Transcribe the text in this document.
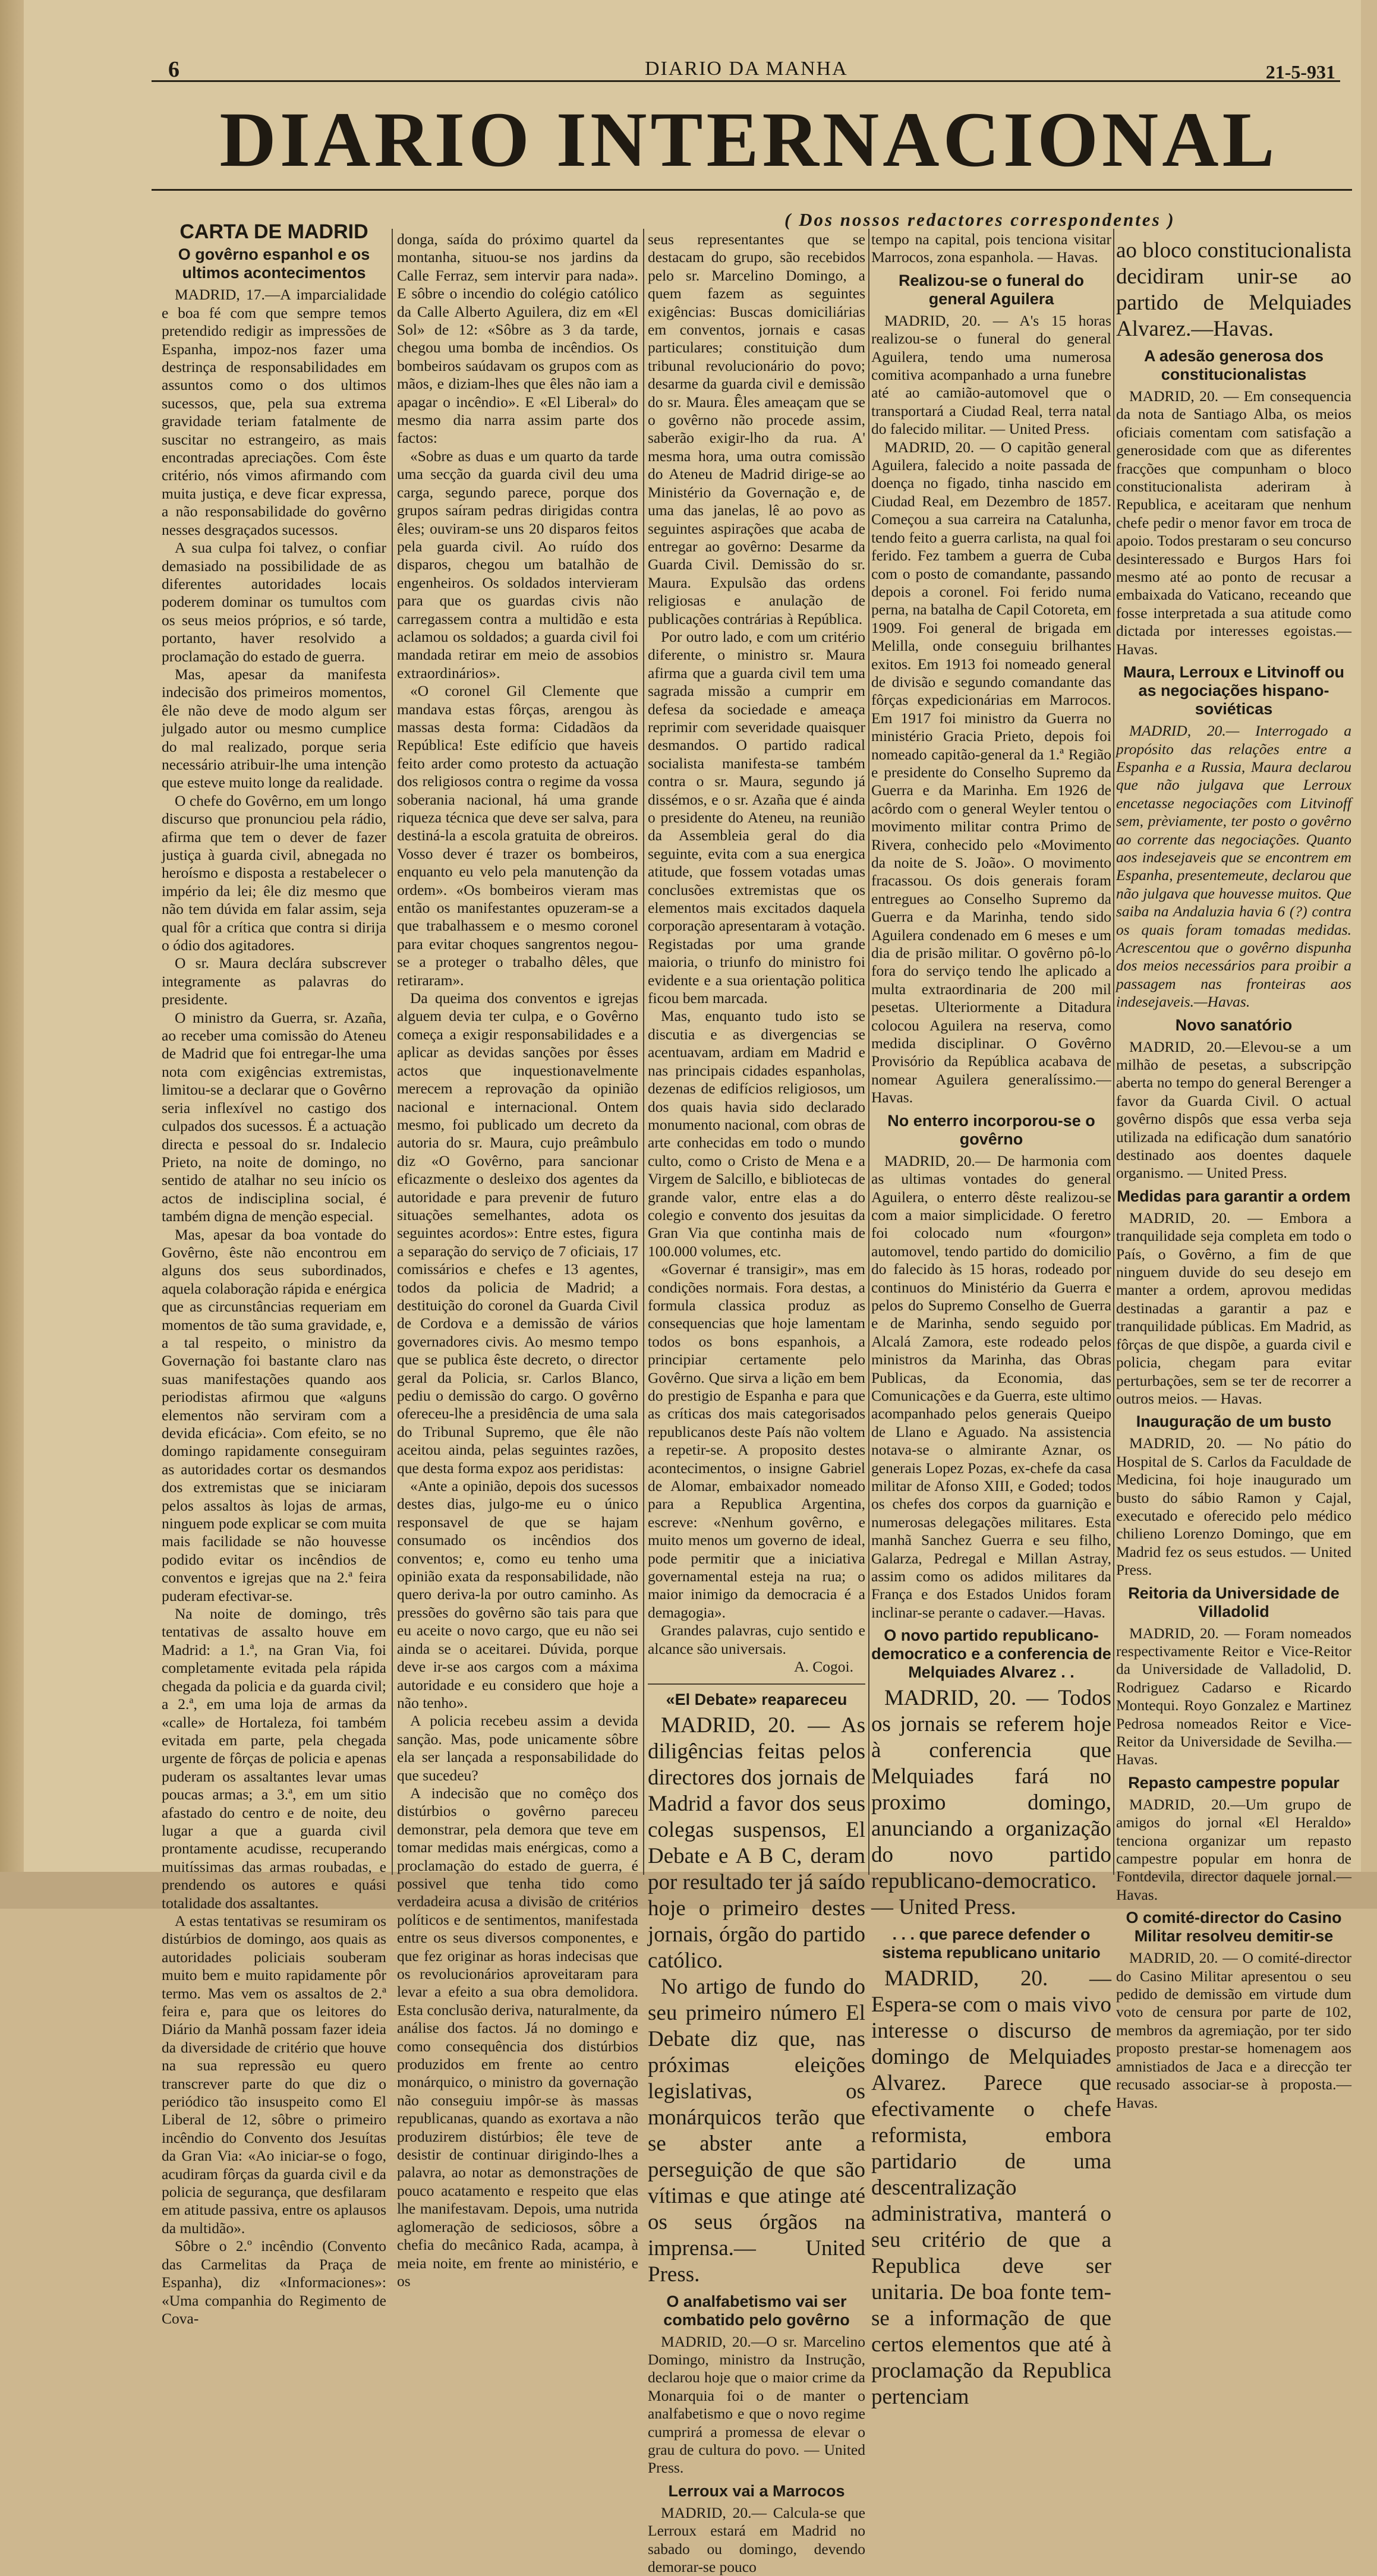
6	DIARIO DA MANHA	21-5-931
DIARIO INTERNACIONAL
( Dos nossos redactores correspondentes )
CARTA DE MADRID
O govêrno espanhol e os ultimos acontecimentos

MADRID, 17.—A imparcialidade e boa fé com que sempre temos pretendido redigir as impressões de Espanha, impoz-nos fazer uma destrinça de responsabilidades em assuntos como o dos ultimos sucessos, que, pela sua extrema gravidade teriam fatalmente de suscitar no estrangeiro, as mais encontradas apreciações. Com êste critério, nós vimos afirmando com muita justiça, e deve ficar expressa, a não responsabilidade do govêrno nesses desgraçados sucessos.

A sua culpa foi talvez, o confiar demasiado na possibilidade de as diferentes autoridades locais poderem dominar os tumultos com os seus meios próprios, e só tarde, portanto, haver resolvido a proclamação do estado de guerra.

Mas, apesar da manifesta indecisão dos primeiros momentos, êle não deve de modo algum ser julgado autor ou mesmo cumplice do mal realizado, porque seria necessário atribuir-lhe uma intenção que esteve muito longe da realidade.

O chefe do Govêrno, em um longo discurso que pronunciou pela rádio, afirma que tem o dever de fazer justiça à guarda civil, abnegada no heroísmo e disposta a restabelecer o império da lei; êle diz mesmo que não tem dúvida em falar assim, seja qual fôr a crítica que contra si dirija o ódio dos agitadores.

O sr. Maura declára subscrever integramente as palavras do presidente.

O ministro da Guerra, sr. Azaña, ao receber uma comissão do Ateneu de Madrid que foi entregar-lhe uma nota com exigências extremistas, limitou-se a declarar que o Govêrno seria inflexível no castigo dos culpados dos sucessos. É a actuação directa e pessoal do sr. Indalecio Prieto, na noite de domingo, no sentido de atalhar no seu início os actos de indisciplina social, é também digna de menção especial.

Mas, apesar da boa vontade do Govêrno, êste não encontrou em alguns dos seus subordinados, aquela colaboração rápida e enérgica que as circunstâncias requeriam em momentos de tão suma gravidade, e, a tal respeito, o ministro da Governação foi bastante claro nas suas manifestações quando aos periodistas afirmou que «alguns elementos não serviram com a devida eficácia». Com efeito, se no domingo rapidamente conseguiram as autoridades cortar os desmandos dos extremistas que se iniciaram pelos assaltos às lojas de armas, ninguem pode explicar se com muita mais facilidade se não houvesse podido evitar os incêndios de conventos e igrejas que na 2.ª feira puderam efectivar-se.

Na noite de domingo, três tentativas de assalto houve em Madrid: a 1.ª, na Gran Via, foi completamente evitada pela rápida chegada da policia e da guarda civil; a 2.ª, em uma loja de armas da «calle» de Hortaleza, foi também evitada em parte, pela chegada urgente de fôrças de policia e apenas puderam os assaltantes levar umas poucas armas; a 3.ª, em um sitio afastado do centro e de noite, deu lugar a que a guarda civil prontamente acudisse, recuperando muitíssimas das armas roubadas, e prendendo os autores e quási totalidade dos assaltantes.

A estas tentativas se resumiram os distúrbios de domingo, aos quais as autoridades policiais souberam muito bem e muito rapidamente pôr termo. Mas vem os assaltos de 2.ª feira e, para que os leitores do Diário da Manhã possam fazer ideia da diversidade de critério que houve na sua repressão eu quero transcrever parte do que diz o periódico tão insuspeito como El Liberal de 12, sôbre o primeiro incêndio do Convento dos Jesuítas da Gran Via: «Ao iniciar-se o fogo, acudiram fôrças da guarda civil e da policia de segurança, que desfilaram em atitude passiva, entre os aplausos da multidão».

Sôbre o 2.º incêndio (Convento das Carmelitas da Praça de Espanha), diz «Informaciones»: «Uma companhia do Regimento de Cova-

donga, saída do próximo quartel da montanha, situou-se nos jardins da Calle Ferraz, sem intervir para nada». E sôbre o incendio do colégio católico da Calle Alberto Aguilera, diz em «El Sol» de 12: «Sôbre as 3 da tarde, chegou uma bomba de incêndios. Os bombeiros saúdavam os grupos com as mãos, e diziam-lhes que êles não iam a apagar o incêndio». E «El Liberal» do mesmo dia narra assim parte dos factos:

«Sobre as duas e um quarto da tarde uma secção da guarda civil deu uma carga, segundo parece, porque dos grupos saíram pedras dirigidas contra êles; ouviram-se uns 20 disparos feitos pela guarda civil. Ao ruído dos disparos, chegou um batalhão de engenheiros. Os soldados intervieram para que os guardas civis não carregassem contra a multidão e esta aclamou os soldados; a guarda civil foi mandada retirar em meio de assobios extraordinários».

«O coronel Gil Clemente que mandava estas fôrças, arengou às massas desta forma: Cidadãos da República! Este edifício que haveis feito arder como protesto da actuação dos religiosos contra o regime da vossa soberania nacional, há uma grande riqueza técnica que deve ser salva, para destiná-la a escola gratuita de obreiros. Vosso dever é trazer os bombeiros, enquanto eu velo pela manutenção da ordem». «Os bombeiros vieram mas então os manifestantes opuzeram-se a que trabalhassem e o mesmo coronel para evitar choques sangrentos negou-se a proteger o trabalho dêles, que retiraram».

Da queima dos conventos e igrejas alguem devia ter culpa, e o Govêrno começa a exigir responsabilidades e a aplicar as devidas sanções por êsses actos que inquestionavelmente merecem a reprovação da opinião nacional e internacional. Ontem mesmo, foi publicado um decreto da autoria do sr. Maura, cujo preâmbulo diz «O Govêrno, para sancionar eficazmente o desleixo dos agentes da autoridade e para prevenir de futuro situações semelhantes, adota os seguintes acordos»: Entre estes, figura a separação do serviço de 7 oficiais, 17 comissários e chefes e 13 agentes, todos da policia de Madrid; a destituição do coronel da Guarda Civil de Cordova e a demissão de vários governadores civis. Ao mesmo tempo que se publica êste decreto, o director geral da Policia, sr. Carlos Blanco, pediu o demissão do cargo. O govêrno ofereceu-lhe a presidência de uma sala do Tribunal Supremo, que êle não aceitou ainda, pelas seguintes razões, que desta forma expoz aos peridistas:

«Ante a opinião, depois dos sucessos destes dias, julgo-me eu o único responsavel de que se hajam consumado os incêndios dos conventos; e, como eu tenho uma opinião exata da responsabilidade, não quero deriva-la por outro caminho. As pressões do govêrno são tais para que eu aceite o novo cargo, que eu não sei ainda se o aceitarei. Dúvida, porque deve ir-se aos cargos com a máxima autoridade e eu considero que hoje a não tenho».

A policia recebeu assim a devida sanção. Mas, pode unicamente sôbre ela ser lançada a responsabilidade do que sucedeu?

A indecisão que no comêço dos distúrbios o govêrno pareceu demonstrar, pela demora que teve em tomar medidas mais enérgicas, como a proclamação do estado de guerra, é possivel que tenha tido como verdadeira acusa a divisão de critérios políticos e de sentimentos, manifestada entre os seus diversos componentes, e que fez originar as horas indecisas que os revolucionários aproveitaram para levar a efeito a sua obra demolidora. Esta conclusão deriva, naturalmente, da análise dos factos. Já no domingo e como consequência dos distúrbios produzidos em frente ao centro monárquico, o ministro da governação não conseguiu impôr-se às massas republicanas, quando as exortava a não produzirem distúrbios; êle teve de desistir de continuar dirigindo-lhes a palavra, ao notar as demonstrações de pouco acatamento e respeito que elas lhe manifestavam. Depois, uma nutrida aglomeração de sediciosos, sôbre a chefia do mecânico Rada, acampa, à meia noite, em frente ao ministério, e os

seus representantes que se destacam do grupo, são recebidos pelo sr. Marcelino Domingo, a quem fazem as seguintes exigências: Buscas domiciliárias em conventos, jornais e casas particulares; constituição dum tribunal revolucionário do povo; desarme da guarda civil e demissão do sr. Maura. Êles ameaçam que se o govêrno não procede assim, saberão exigir-lho da rua. A' mesma hora, uma outra comissão do Ateneu de Madrid dirige-se ao Ministério da Governação e, de uma das janelas, lê ao povo as seguintes aspirações que acaba de entregar ao govêrno: Desarme da Guarda Civil. Demissão do sr. Maura. Expulsão das ordens religiosas e anulação de publicações contrárias à República.

Por outro lado, e com um critério diferente, o ministro sr. Maura afirma que a guarda civil tem uma sagrada missão a cumprir em defesa da sociedade e ameaça reprimir com severidade quaisquer desmandos. O partido radical socialista manifesta-se também contra o sr. Maura, segundo já dissémos, e o sr. Azaña que é ainda o presidente do Ateneu, na reunião da Assembleia geral do dia seguinte, evita com a sua energica atitude, que fossem votadas umas conclusões extremistas que os elementos mais excitados daquela corporação apresentaram à votação. Registadas por uma grande maioria, o triunfo do ministro foi evidente e a sua orientação politica ficou bem marcada.

Mas, enquanto tudo isto se discutia e as divergencias se acentuavam, ardiam em Madrid e nas principais cidades espanholas, dezenas de edifícios religiosos, um dos quais havia sido declarado monumento nacional, com obras de arte conhecidas em todo o mundo culto, como o Cristo de Mena e a Virgem de Salcillo, e bibliotecas de grande valor, entre elas a do colegio e convento dos jesuitas da Gran Via que continha mais de 100.000 volumes, etc.

«Governar é transigir», mas em condições normais. Fora destas, a formula classica produz as consequencias que hoje lamentam todos os bons espanhois, a principiar certamente pelo Govêrno. Que sirva a lição em bem do prestigio de Espanha e para que as críticas dos mais categorisados republicanos deste País não voltem a repetir-se. A proposito destes acontecimentos, o insigne Gabriel de Alomar, embaixador nomeado para a Republica Argentina, escreve: «Nenhum govêrno, e muito menos um governo de ideal, pode permitir que a iniciativa governamental esteja na rua; o maior inimigo da democracia é a demagogia».

Grandes palavras, cujo sentido e alcance são universais.

A. Cogoi.
«El Debate» reapareceu

MADRID, 20. — As diligências feitas pelos directores dos jornais de Madrid a favor dos seus colegas suspensos, El Debate e A B C, deram por resultado ter já saído hoje o primeiro destes jornais, órgão do partido católico.

No artigo de fundo do seu primeiro número El Debate diz que, nas próximas eleições legislativas, os monárquicos terão que se abster ante a perseguição de que são vítimas e que atinge até os seus órgãos na imprensa.— United Press.

O analfabetismo vai ser combatido pelo govêrno

MADRID, 20.—O sr. Marcelino Domingo, ministro da Instrução, declarou hoje que o maior crime da Monarquia foi o de manter o analfabetismo e que o novo regime cumprirá a promessa de elevar o grau de cultura do povo. — United Press.

Lerroux vai a Marrocos

MADRID, 20.— Calcula-se que Lerroux estará em Madrid no sabado ou domingo, devendo demorar-se pouco

tempo na capital, pois tenciona visitar Marrocos, zona espanhola. — Havas.

Realizou-se o funeral do general Aguilera

MADRID, 20. — A's 15 horas realizou-se o funeral do general Aguilera, tendo uma numerosa comitiva acompanhado a urna funebre até ao camião-automovel que o transportará a Ciudad Real, terra natal do falecido militar. — United Press.

MADRID, 20. — O capitão general Aguilera, falecido a noite passada de doença no figado, tinha nascido em Ciudad Real, em Dezembro de 1857. Começou a sua carreira na Catalunha, tendo feito a guerra carlista, na qual foi ferido. Fez tambem a guerra de Cuba com o posto de comandante, passando depois a coronel. Foi ferido numa perna, na batalha de Capil Cotoreta, em 1909. Foi general de brigada em Melilla, onde conseguiu brilhantes exitos. Em 1913 foi nomeado general de divisão e segundo comandante das fôrças expedicionárias em Marrocos. Em 1917 foi ministro da Guerra no ministério Gracia Prieto, depois foi nomeado capitão-general da 1.ª Região e presidente do Conselho Supremo da Guerra e da Marinha. Em 1926 de acôrdo com o general Weyler tentou o movimento militar contra Primo de Rivera, conhecido pelo «Movimento da noite de S. João». O movimento fracassou. Os dois generais foram entregues ao Conselho Supremo da Guerra e da Marinha, tendo sido Aguilera condenado em 6 meses e um dia de prisão militar. O govêrno pô-lo fora do serviço tendo lhe aplicado a multa extraordinaria de 200 mil pesetas. Ulteriormente a Ditadura colocou Aguilera na reserva, como medida disciplinar. O Govêrno Provisório da República acabava de nomear Aguilera generalíssimo.—Havas.

No enterro incorporou-se o govêrno

MADRID, 20.— De harmonia com as ultimas vontades do general Aguilera, o enterro dêste realizou-se com a maior simplicidade. O feretro foi colocado num «fourgon» automovel, tendo partido do domicilio do falecido às 15 horas, rodeado por continuos do Ministério da Guerra e pelos do Supremo Conselho de Guerra e de Marinha, sendo seguido por Alcalá Zamora, este rodeado pelos ministros da Marinha, das Obras Publicas, da Economia, das Comunicações e da Guerra, este ultimo acompanhado pelos generais Queipo de Llano e Aguado. Na assistencia notava-se o almirante Aznar, os generais Lopez Pozas, ex-chefe da casa militar de Afonso XIII, e Goded; todos os chefes dos corpos da guarnição e numerosas delegações militares. Esta manhã Sanchez Guerra e seu filho, Galarza, Pedregal e Millan Astray, assim como os adidos militares da França e dos Estados Unidos foram inclinar-se perante o cadaver.—Havas.

O novo partido republicano-democratico e a conferencia de Melquiades Alvarez . .

MADRID, 20. — Todos os jornais se referem hoje à conferencia que Melquiades fará no proximo domingo, anunciando a organização do novo partido republicano-democratico.— United Press.

. . . que parece defender o sistema republicano unitario

MADRID, 20. — Espera-se com o mais vivo interesse o discurso de domingo de Melquiades Alvarez. Parece que efectivamente o chefe reformista, embora partidario de uma descentralização administrativa, manterá o seu critério de que a Republica deve ser unitaria. De boa fonte tem-se a informação de que certos elementos que até à proclamação da Republica pertenciam

ao bloco constitucionalista decidiram unir-se ao partido de Melquiades Alvarez.—Havas.

A adesão generosa dos constitucionalistas

MADRID, 20. — Em consequencia da nota de Santiago Alba, os meios oficiais comentam com satisfação a generosidade com que as diferentes fracções que compunham o bloco constitucionalista aderiram à Republica, e aceitaram que nenhum chefe pedir o menor favor em troca de apoio. Todos prestaram o seu concurso desinteressado e Burgos Hars foi mesmo até ao ponto de recusar a embaixada do Vaticano, receando que fosse interpretada a sua atitude como dictada por interesses egoistas.—Havas.

Maura, Lerroux e Litvinoff ou as negociações hispano-soviéticas

MADRID, 20.— Interrogado a propósito das relações entre a Espanha e a Russia, Maura declarou que não julgava que Lerroux encetasse negociações com Litvinoff sem, prèviamente, ter posto o govêrno ao corrente das negociações. Quanto aos indesejaveis que se encontrem em Espanha, presentemeute, declarou que não julgava que houvesse muitos. Que saiba na Andaluzia havia 6 (?) contra os quais foram tomadas medidas. Acrescentou que o govêrno dispunha dos meios necessários para proibir a passagem nas fronteiras aos indesejaveis.—Havas.

Novo sanatório

MADRID, 20.—Elevou-se a um milhão de pesetas, a subscripção aberta no tempo do general Berenger a favor da Guarda Civil. O actual govêrno dispôs que essa verba seja utilizada na edificação dum sanatório destinado aos doentes daquele organismo. — United Press.

Medidas para garantir a ordem

MADRID, 20. — Embora a tranquilidade seja completa em todo o País, o Govêrno, a fim de que ninguem duvide do seu desejo em manter a ordem, aprovou medidas destinadas a garantir a paz e tranquilidade públicas. Em Madrid, as fôrças de que dispõe, a guarda civil e policia, chegam para evitar perturbações, sem se ter de recorrer a outros meios. — Havas.

Inauguração de um busto

MADRID, 20. — No pátio do Hospital de S. Carlos da Faculdade de Medicina, foi hoje inaugurado um busto do sábio Ramon y Cajal, executado e oferecido pelo médico chilieno Lorenzo Domingo, que em Madrid fez os seus estudos. — United Press.

Reitoria da Universidade de Villadolid

MADRID, 20. — Foram nomeados respectivamente Reitor e Vice-Reitor da Universidade de Valladolid, D. Rodriguez Cadarso e Ricardo Montequi. Royo Gonzalez e Martinez Pedrosa nomeados Reitor e Vice-Reitor da Universidade de Sevilha.— Havas.

Repasto campestre popular

MADRID, 20.—Um grupo de amigos do jornal «El Heraldo» tenciona organizar um repasto campestre popular em honra de Fontdevila, director daquele jornal.— Havas.

O comité-director do Casino Militar resolveu demitir-se

MADRID, 20. — O comité-director do Casino Militar apresentou o seu pedido de demissão em virtude dum voto de censura por parte de 102, membros da agremiação, por ter sido proposto prestar-se homenagem aos amnistiados de Jaca e a direcção ter recusado associar-se à proposta.— Havas.
